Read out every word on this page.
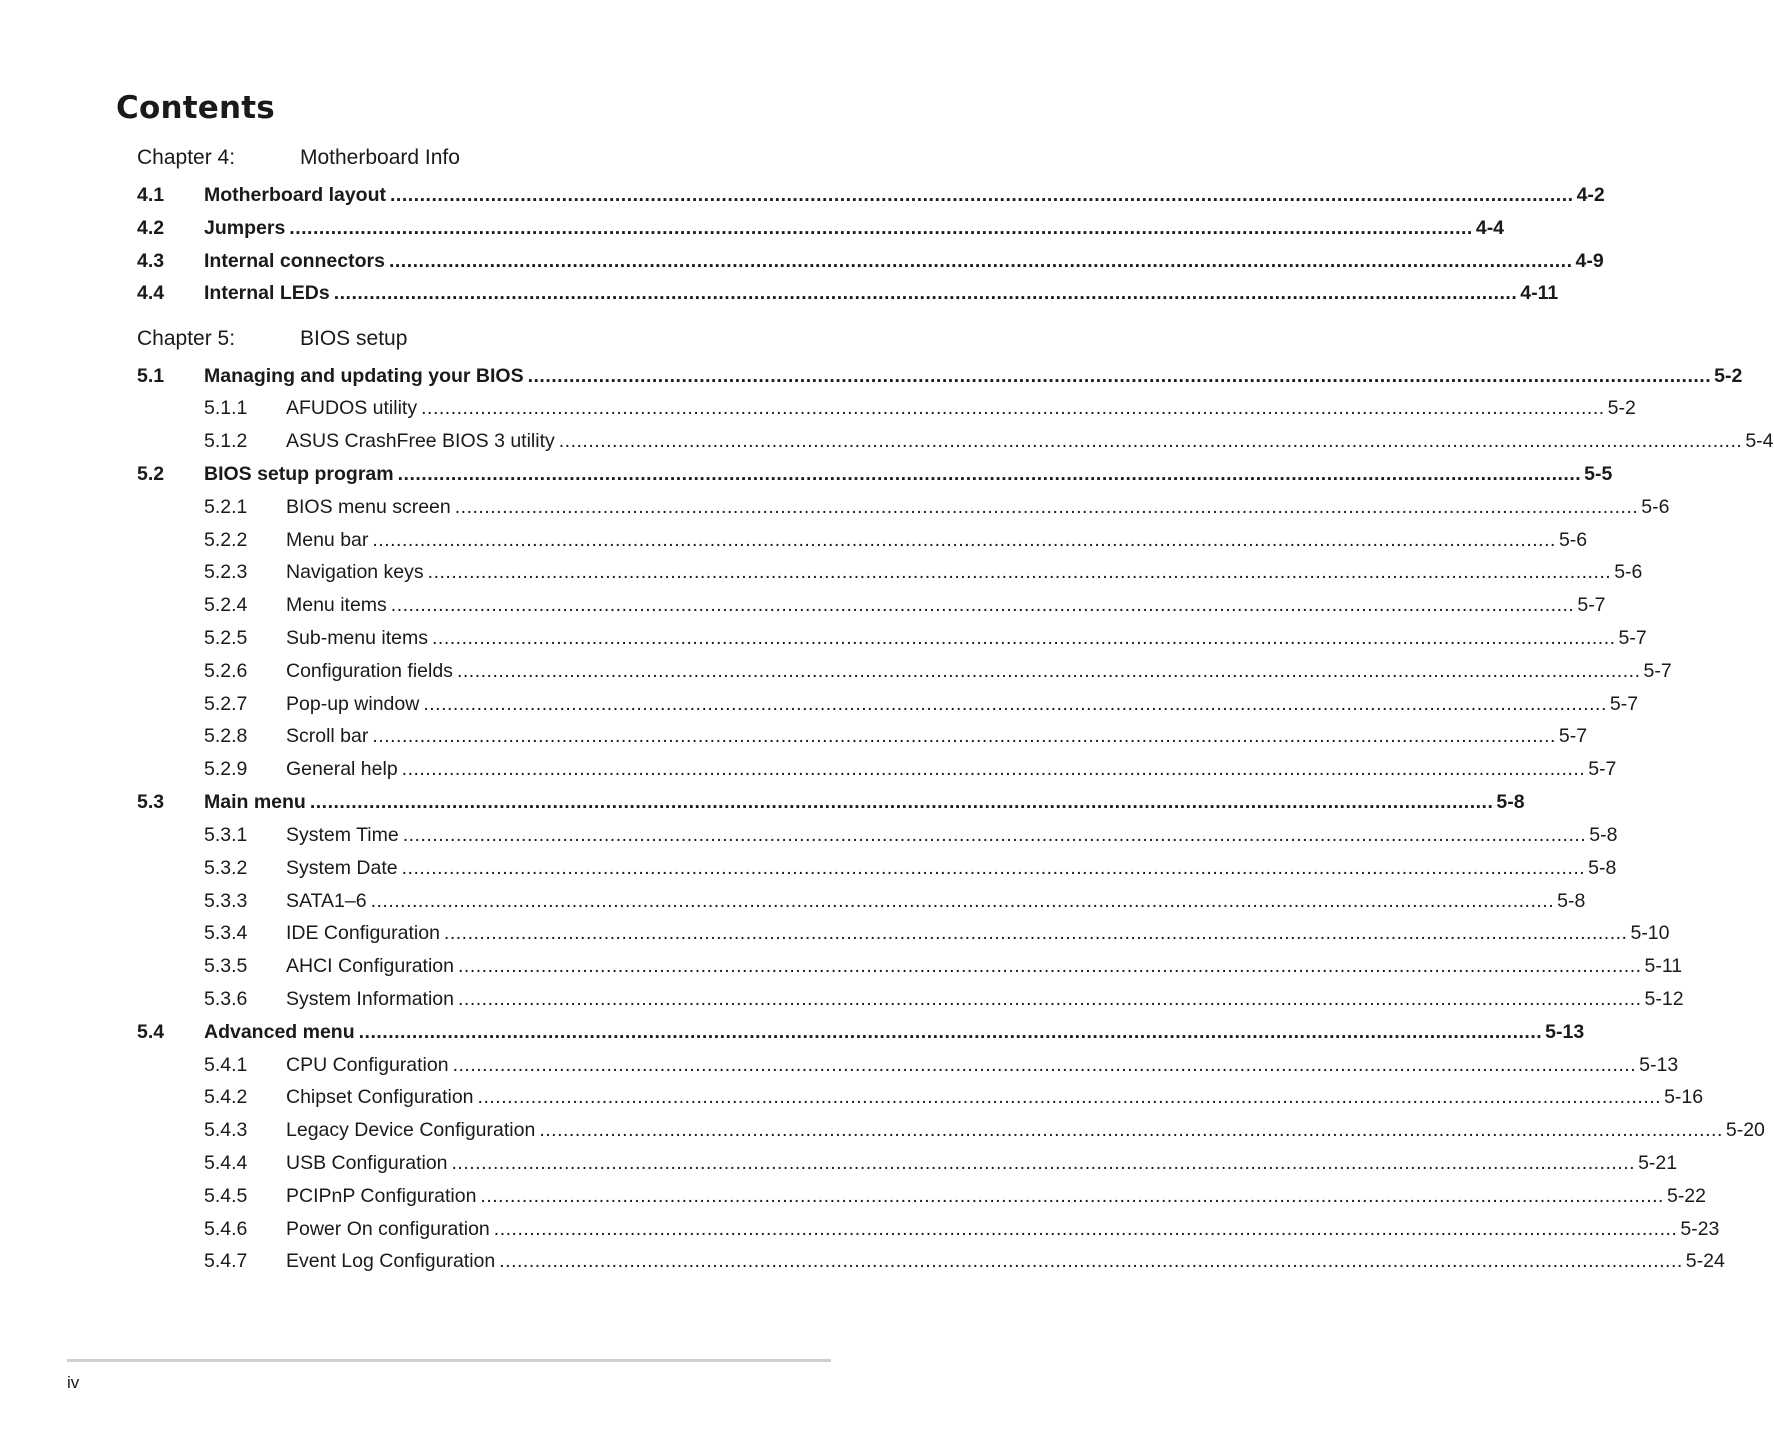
Contents
Chapter 4:	Motherboard Info
Chapter 5:	BIOS setup
4.1 Motherboard layout ........................................................................................................................................................................................................ 4-2
4.2 Jumpers ........................................................................................................................................................................................................ 4-4
4.3 Internal connectors ........................................................................................................................................................................................................ 4-9
4.4 Internal LEDs ........................................................................................................................................................................................................ 4-11
5.1 Managing and updating your BIOS ........................................................................................................................................................................................................ 5-2
5.1.1 AFUDOS utility ........................................................................................................................................................................................................ 5-2
5.1.2 ASUS CrashFree BIOS 3 utility ........................................................................................................................................................................................................ 5-4
5.2 BIOS setup program ........................................................................................................................................................................................................ 5-5
5.2.1 BIOS menu screen ........................................................................................................................................................................................................ 5-6
5.2.2 Menu bar ........................................................................................................................................................................................................ 5-6
5.2.3 Navigation keys ........................................................................................................................................................................................................ 5-6
5.2.4 Menu items ........................................................................................................................................................................................................ 5-7
5.2.5 Sub-menu items ........................................................................................................................................................................................................ 5-7
5.2.6 Configuration fields ........................................................................................................................................................................................................ 5-7
5.2.7 Pop-up window ........................................................................................................................................................................................................ 5-7
5.2.8 Scroll bar ........................................................................................................................................................................................................ 5-7
5.2.9 General help ........................................................................................................................................................................................................ 5-7
5.3 Main menu ........................................................................................................................................................................................................ 5-8
5.3.1 System Time ........................................................................................................................................................................................................ 5-8
5.3.2 System Date ........................................................................................................................................................................................................ 5-8
5.3.3 SATA1–6 ........................................................................................................................................................................................................ 5-8
5.3.4 IDE Configuration ........................................................................................................................................................................................................ 5-10
5.3.5 AHCI Configuration ........................................................................................................................................................................................................ 5-11
5.3.6 System Information ........................................................................................................................................................................................................ 5-12
5.4 Advanced menu ........................................................................................................................................................................................................ 5-13
5.4.1 CPU Configuration ........................................................................................................................................................................................................ 5-13
5.4.2 Chipset Configuration ........................................................................................................................................................................................................ 5-16
5.4.3 Legacy Device Configuration ........................................................................................................................................................................................................ 5-20
5.4.4 USB Configuration ........................................................................................................................................................................................................ 5-21
5.4.5 PCIPnP Configuration ........................................................................................................................................................................................................ 5-22
5.4.6 Power On configuration ........................................................................................................................................................................................................ 5-23
5.4.7 Event Log Configuration ........................................................................................................................................................................................................ 5-24
iv
